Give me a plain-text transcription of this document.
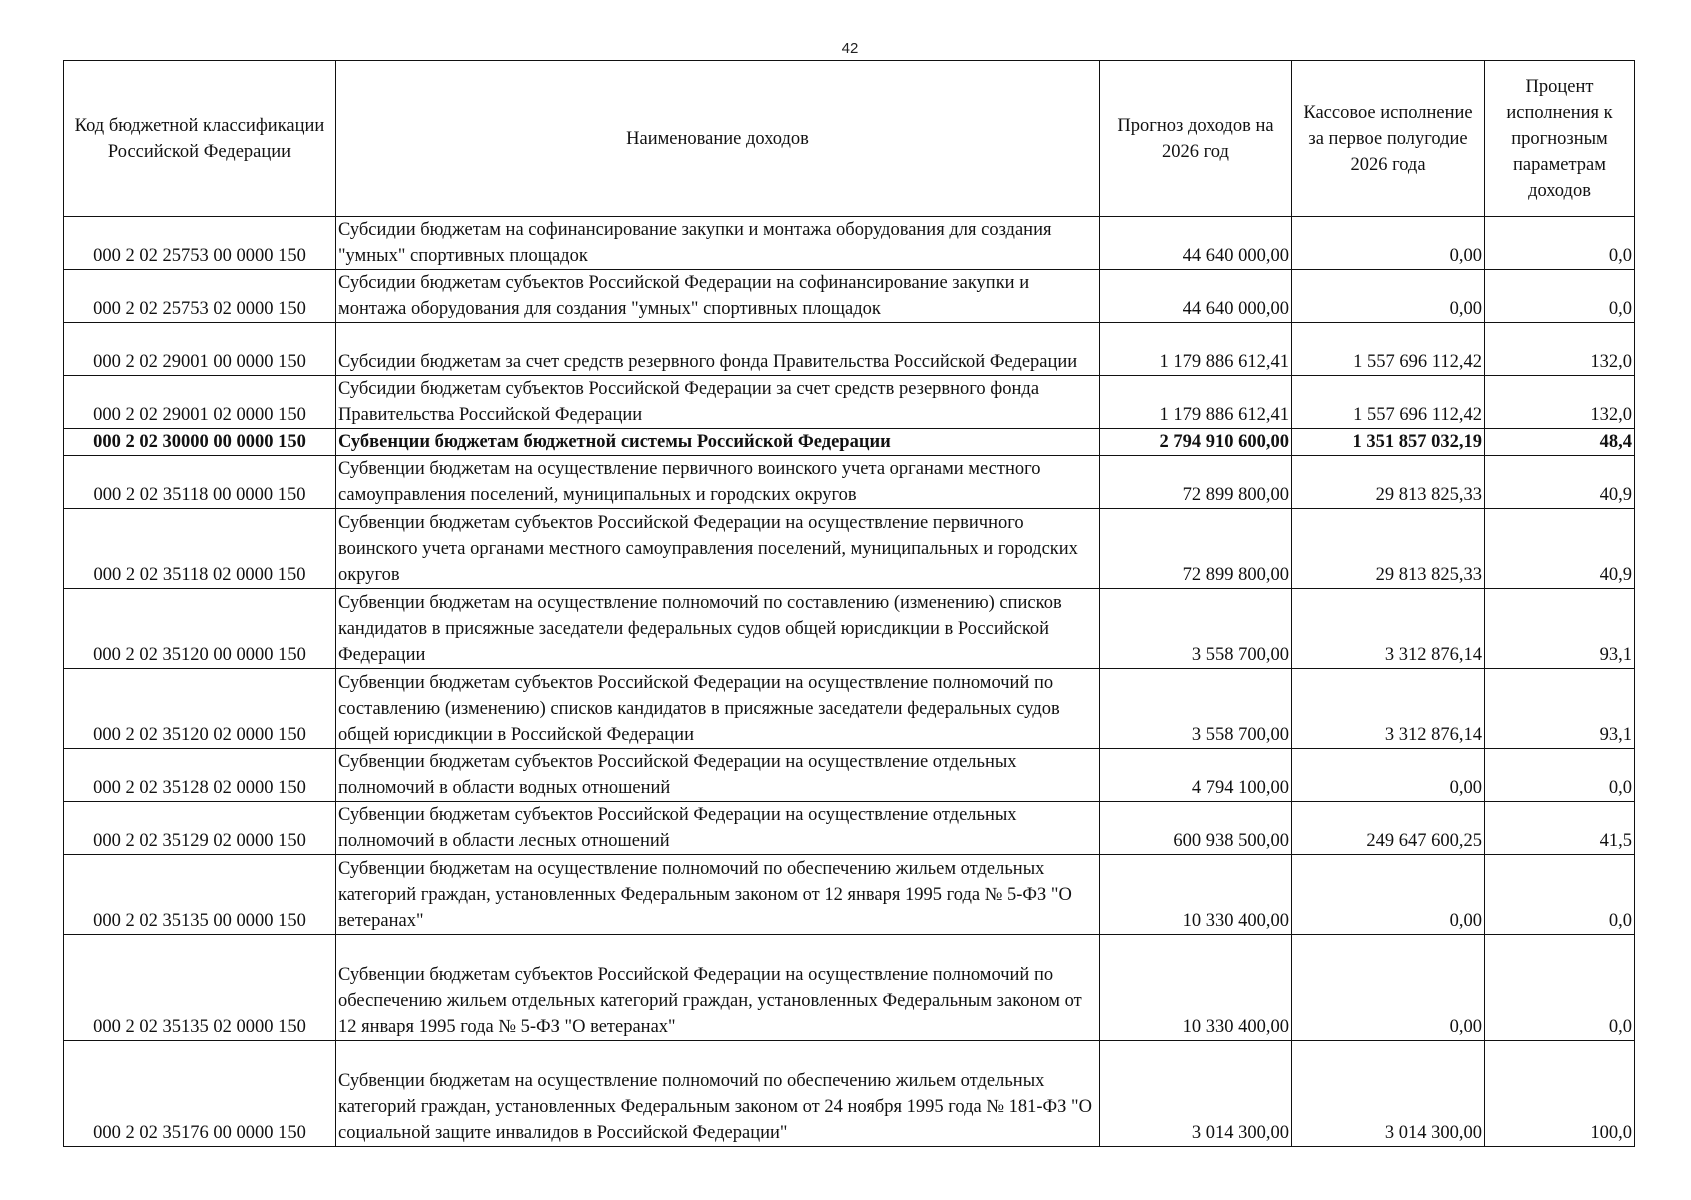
42
Код бюджетной классификации Российской Федерации	Наименование доходов	Прогноз доходов на 2026 год	Кассовое исполнение за первое полугодие 2026 года	Процент исполнения к прогнозным параметрам доходов
000 2 02 25753 00 0000 150	Субсидии бюджетам на софинансирование закупки и монтажа оборудования для создания "умных" спортивных площадок	44 640 000,00	0,00	0,0
000 2 02 25753 02 0000 150	Субсидии бюджетам субъектов Российской Федерации на софинансирование закупки и монтажа оборудования для создания "умных" спортивных площадок	44 640 000,00	0,00	0,0
000 2 02 29001 00 0000 150	Субсидии бюджетам за счет средств резервного фонда Правительства Российской Федерации	1 179 886 612,41	1 557 696 112,42	132,0
000 2 02 29001 02 0000 150	Субсидии бюджетам субъектов Российской Федерации за счет средств резервного фонда Правительства Российской Федерации	1 179 886 612,41	1 557 696 112,42	132,0
000 2 02 30000 00 0000 150	Субвенции бюджетам бюджетной системы Российской Федерации	2 794 910 600,00	1 351 857 032,19	48,4
000 2 02 35118 00 0000 150	Субвенции бюджетам на осуществление первичного воинского учета органами местного самоуправления поселений, муниципальных и городских округов	72 899 800,00	29 813 825,33	40,9
000 2 02 35118 02 0000 150	Субвенции бюджетам субъектов Российской Федерации на осуществление первичного воинского учета органами местного самоуправления поселений, муниципальных и городских округов	72 899 800,00	29 813 825,33	40,9
000 2 02 35120 00 0000 150	Субвенции бюджетам на осуществление полномочий по составлению (изменению) списков кандидатов в присяжные заседатели федеральных судов общей юрисдикции в Российской Федерации	3 558 700,00	3 312 876,14	93,1
000 2 02 35120 02 0000 150	Субвенции бюджетам субъектов Российской Федерации на осуществление полномочий по составлению (изменению) списков кандидатов в присяжные заседатели федеральных судов общей юрисдикции в Российской Федерации	3 558 700,00	3 312 876,14	93,1
000 2 02 35128 02 0000 150	Субвенции бюджетам субъектов Российской Федерации на осуществление отдельных полномочий в области водных отношений	4 794 100,00	0,00	0,0
000 2 02 35129 02 0000 150	Субвенции бюджетам субъектов Российской Федерации на осуществление отдельных полномочий в области лесных отношений	600 938 500,00	249 647 600,25	41,5
000 2 02 35135 00 0000 150	Субвенции бюджетам на осуществление полномочий по обеспечению жильем отдельных категорий граждан, установленных Федеральным законом от 12 января 1995 года № 5-ФЗ "О ветеранах"	10 330 400,00	0,00	0,0
000 2 02 35135 02 0000 150	Субвенции бюджетам субъектов Российской Федерации на осуществление полномочий по обеспечению жильем отдельных категорий граждан, установленных Федеральным законом от 12 января 1995 года № 5-ФЗ "О ветеранах"	10 330 400,00	0,00	0,0
000 2 02 35176 00 0000 150	Субвенции бюджетам на осуществление полномочий по обеспечению жильем отдельных категорий граждан, установленных Федеральным законом от 24 ноября 1995 года № 181-ФЗ "О социальной защите инвалидов в Российской Федерации"	3 014 300,00	3 014 300,00	100,0
